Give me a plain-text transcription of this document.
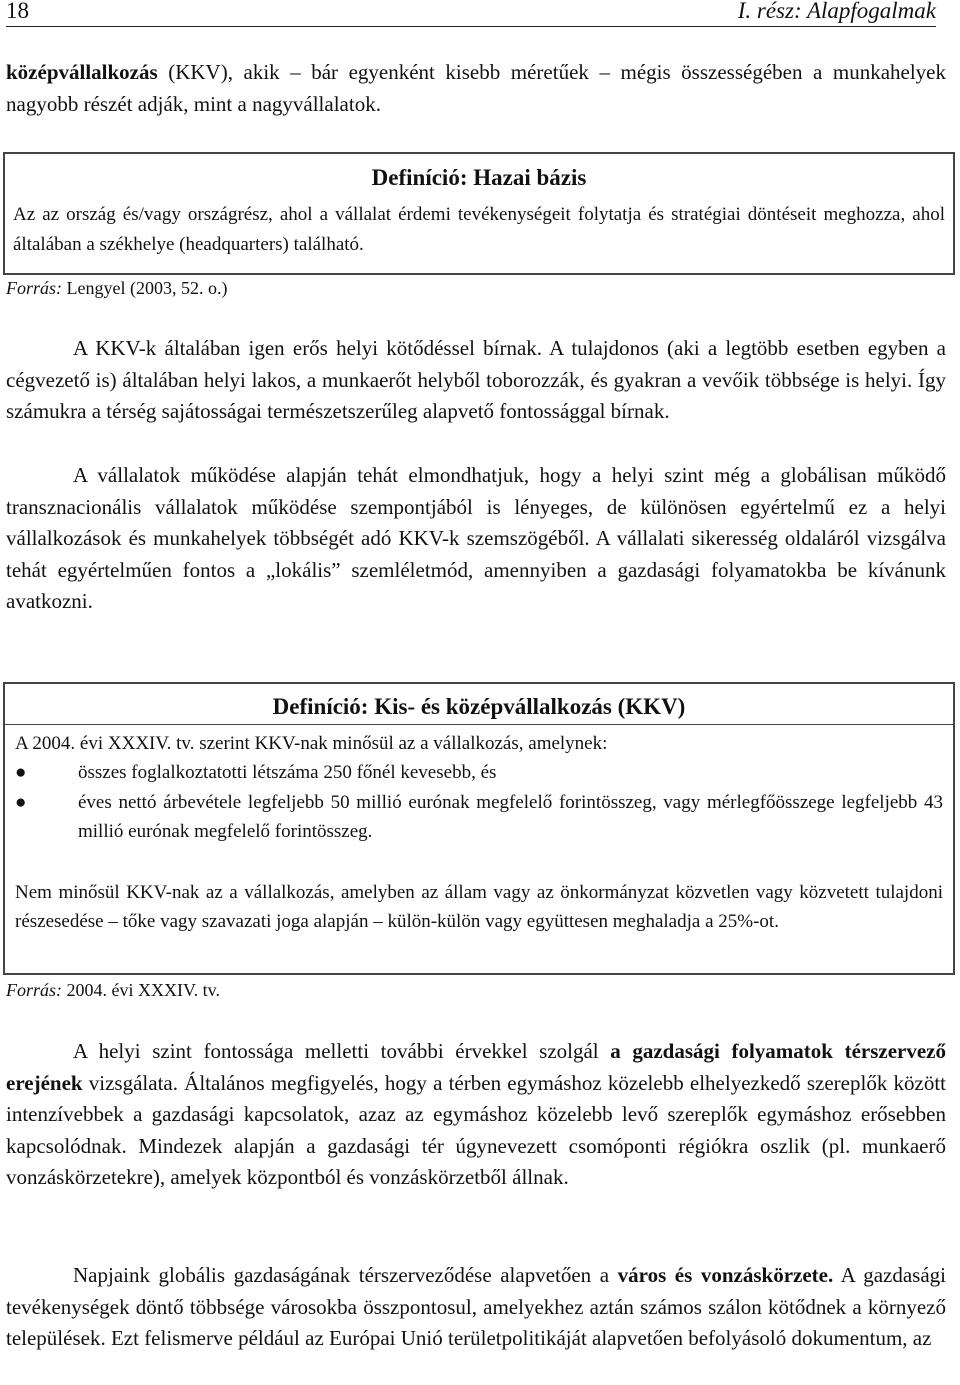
18	I. rész: Alapfogalmak

középvállalkozás (KKV), akik – bár egyenként kisebb méretűek – mégis összességében a munkahelyek nagyobb részét adják, mint a nagyvállalatok.

Definíció: Hazai bázis

Az az ország és/vagy országrész, ahol a vállalat érdemi tevékenységeit folytatja és stratégiai döntéseit meghozza, ahol általában a székhelye (headquarters) található.

Forrás: Lengyel (2003, 52. o.)

A KKV-k általában igen erős helyi kötődéssel bírnak. A tulajdonos (aki a legtöbb esetben egyben a cégvezető is) általában helyi lakos, a munkaerőt helyből toborozzák, és gyakran a vevőik többsége is helyi. Így számukra a térség sajátosságai természetszerűleg alapvető fontossággal bírnak.

A vállalatok működése alapján tehát elmondhatjuk, hogy a helyi szint még a globálisan működő transznacionális vállalatok működése szempontjából is lényeges, de különösen egyértelmű ez a helyi vállalkozások és munkahelyek többségét adó KKV-k szemszögéből. A vállalati sikeresség oldaláról vizsgálva tehát egyértelműen fontos a „lokális” szemléletmód, amennyiben a gazdasági folyamatokba be kívánunk avatkozni.

Definíció: Kis- és középvállalkozás (KKV)

A 2004. évi XXXIV. tv. szerint KKV-nak minősül az a vállalkozás, amelynek:
●	összes foglalkoztatotti létszáma 250 főnél kevesebb, és
●	éves nettó árbevétele legfeljebb 50 millió eurónak megfelelő forintösszeg, vagy mérlegfőösszege legfeljebb 43 millió eurónak megfelelő forintösszeg.
Nem minősül KKV-nak az a vállalkozás, amelyben az állam vagy az önkormányzat közvetlen vagy közvetett tulajdoni részesedése – tőke vagy szavazati joga alapján – külön-külön vagy együttesen meghaladja a 25%-ot.

Forrás: 2004. évi XXXIV. tv.

A helyi szint fontossága melletti további érvekkel szolgál a gazdasági folyamatok térszervező erejének vizsgálata. Általános megfigyelés, hogy a térben egymáshoz közelebb elhelyezkedő szereplők között intenzívebbek a gazdasági kapcsolatok, azaz az egymáshoz közelebb levő szereplők egymáshoz erősebben kapcsolódnak. Mindezek alapján a gazdasági tér úgynevezett csomóponti régiókra oszlik (pl. munkaerő vonzáskörzetekre), amelyek központból és vonzáskörzetből állnak.

Napjaink globális gazdaságának térszerveződése alapvetően a város és vonzáskörzete. A gazdasági tevékenységek döntő többsége városokba összpontosul, amelyekhez aztán számos szálon kötődnek a környező települések. Ezt felismerve például az Európai Unió területpolitikáját alapvetően befolyásoló dokumentum, az
